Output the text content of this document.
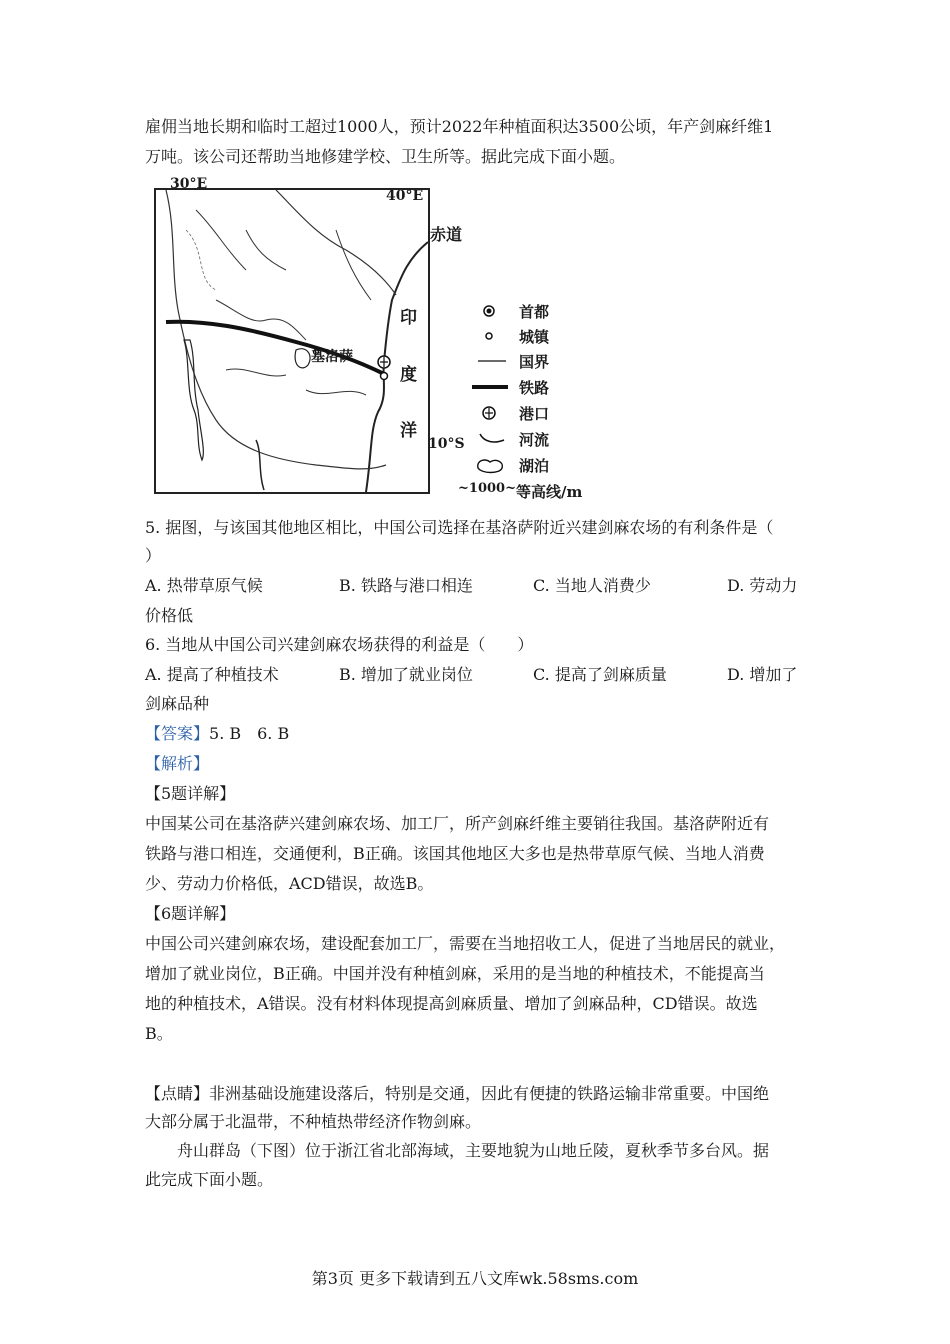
雇佣当地长期和临时工超过1000人，预计2022年种植面积达3500公顷，年产剑麻纤维1
万吨。该公司还帮助当地修建学校、卫生所等。据此完成下面小题。
30°E
40°E
基洛萨
赤道
印
度
洋
10°S
首都
城镇
国界
铁路
港口
河流
湖泊
~1000~ 等高线/m
5. 据图，与该国其他地区相比，中国公司选择在基洛萨附近兴建剑麻农场的有利条件是（
）
A. 热带草原气候	B. 铁路与港口相连	C. 当地人消费少	D. 劳动力
价格低
6. 当地从中国公司兴建剑麻农场获得的利益是（　　）
A. 提高了种植技术	B. 增加了就业岗位	C. 提高了剑麻质量	D. 增加了
剑麻品种
【答案】5. B　6. B
【解析】
【5题详解】
中国某公司在基洛萨兴建剑麻农场、加工厂，所产剑麻纤维主要销往我国。基洛萨附近有
铁路与港口相连，交通便利，B正确。该国其他地区大多也是热带草原气候、当地人消费
少、劳动力价格低，ACD错误，故选B。
【6题详解】
中国公司兴建剑麻农场，建设配套加工厂，需要在当地招收工人，促进了当地居民的就业，
增加了就业岗位，B正确。中国并没有种植剑麻，采用的是当地的种植技术，不能提高当
地的种植技术，A错误。没有材料体现提高剑麻质量、增加了剑麻品种，CD错误。故选
B。
【点睛】非洲基础设施建设落后，特别是交通，因此有便捷的铁路运输非常重要。中国绝
大部分属于北温带，不种植热带经济作物剑麻。
舟山群岛（下图）位于浙江省北部海域，主要地貌为山地丘陵，夏秋季节多台风。据
此完成下面小题。
第3页 更多下载请到五八文库wk.58sms.com
